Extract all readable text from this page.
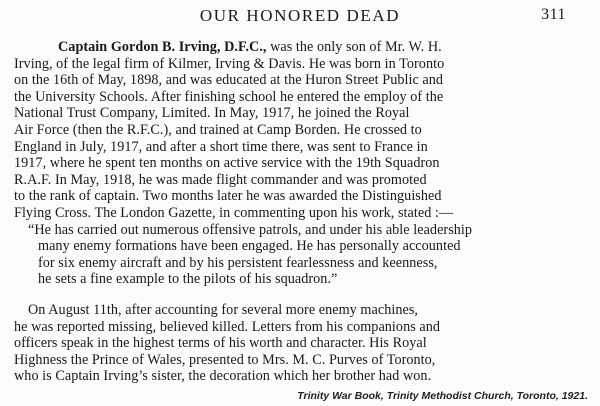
OUR HONORED DEAD	311
Captain Gordon B. Irving, D.F.C., was the only son of Mr. W. H.
Irving, of the legal firm of Kilmer, Irving & Davis. He was born in Toronto
on the 16th of May, 1898, and was educated at the Huron Street Public and
the University Schools. After finishing school he entered the employ of the
National Trust Company, Limited. In May, 1917, he joined the Royal
Air Force (then the R.F.C.), and trained at Camp Borden. He crossed to
England in July, 1917, and after a short time there, was sent to France in
1917, where he spent ten months on active service with the 19th Squadron
R.A.F. In May, 1918, he was made flight commander and was promoted
to the rank of captain. Two months later he was awarded the Distinguished
Flying Cross. The London Gazette, in commenting upon his work, stated :—
“He has carried out numerous offensive patrols, and under his able leadership
many enemy formations have been engaged. He has personally accounted
for six enemy aircraft and by his persistent fearlessness and keenness,
he sets a fine example to the pilots of his squadron.”
On August 11th, after accounting for several more enemy machines,
he was reported missing, believed killed. Letters from his companions and
officers speak in the highest terms of his worth and character. His Royal
Highness the Prince of Wales, presented to Mrs. M. C. Purves of Toronto,
who is Captain Irving’s sister, the decoration which her brother had won.
Trinity War Book, Trinity Methodist Church, Toronto, 1921.
